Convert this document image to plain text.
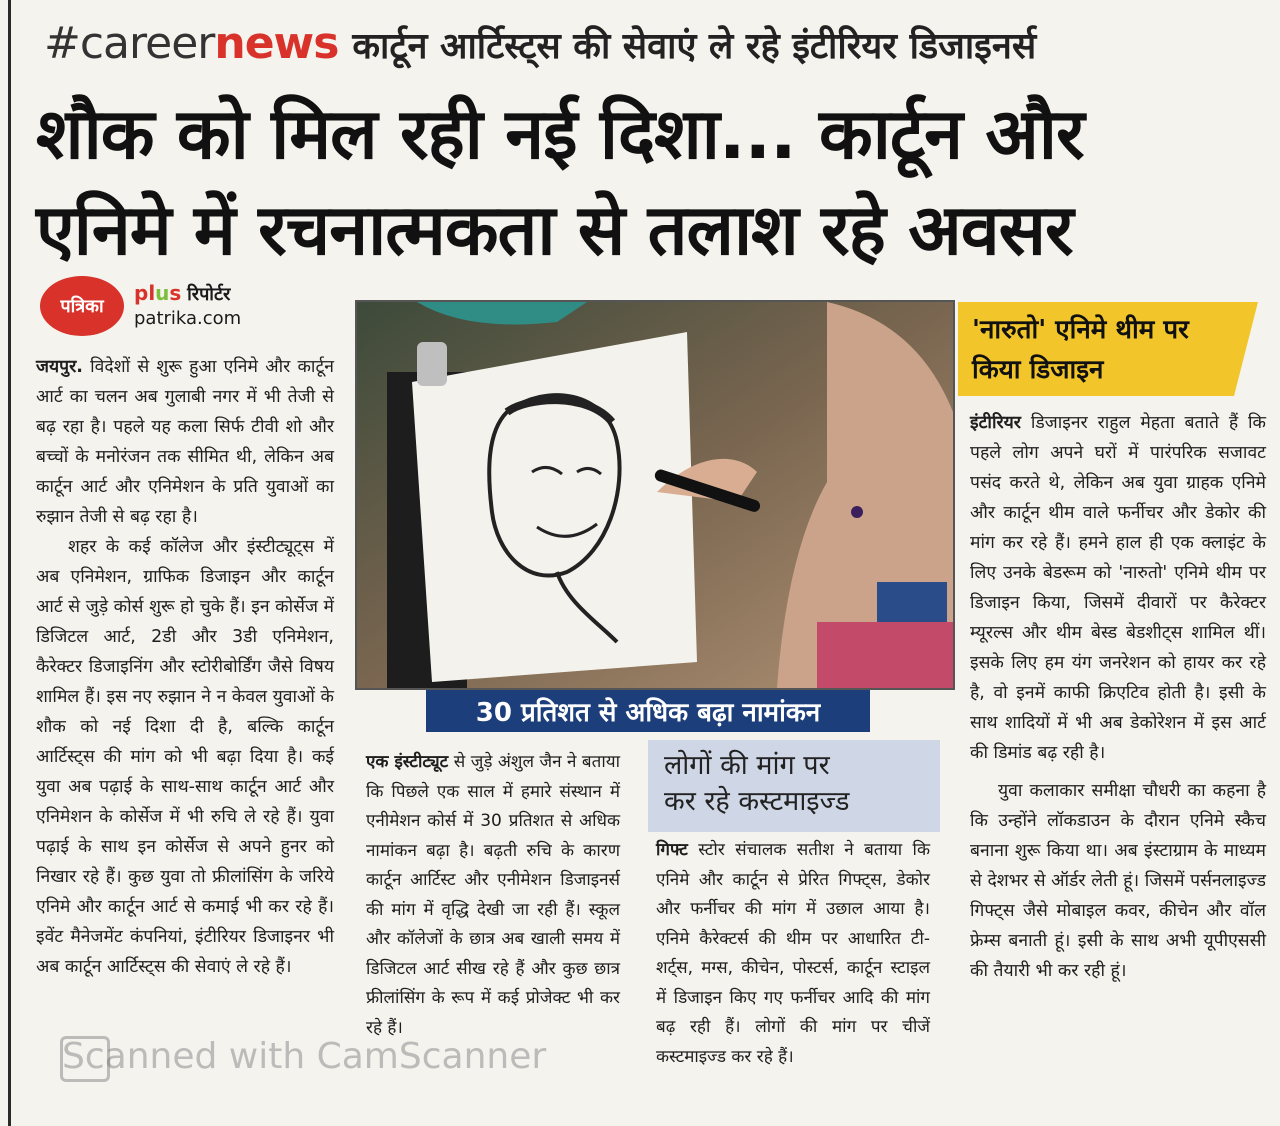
#careernews कार्टून आर्टिस्ट्स की सेवाएं ले रहे इंटीरियर डिजाइनर्स
शौक को मिल रही नई दिशा... कार्टून और
एनिमे में रचनात्मकता से तलाश रहे अवसर
पत्रिका
plus रिपोर्टर
patrika.com

जयपुर. विदेशों से शुरू हुआ एनिमे और कार्टून आर्ट का चलन अब गुलाबी नगर में भी तेजी से बढ़ रहा है। पहले यह कला सिर्फ टीवी शो और बच्चों के मनोरंजन तक सीमित थी, लेकिन अब कार्टून आर्ट और एनिमेशन के प्रति युवाओं का रुझान तेजी से बढ़ रहा है।

शहर के कई कॉलेज और इंस्टीट्यूट्स में अब एनिमेशन, ग्राफिक डिजाइन और कार्टून आर्ट से जुड़े कोर्स शुरू हो चुके हैं। इन कोर्सेज में डिजिटल आर्ट, 2डी और 3डी एनिमेशन, कैरेक्टर डिजाइनिंग और स्टोरीबोर्डिंग जैसे विषय शामिल हैं। इस नए रुझान ने न केवल युवाओं के शौक को नई दिशा दी है, बल्कि कार्टून आर्टिस्ट्स की मांग को भी बढ़ा दिया है। कई युवा अब पढ़ाई के साथ-साथ कार्टून आर्ट और एनिमेशन के कोर्सेज में भी रुचि ले रहे हैं। युवा पढ़ाई के साथ इन कोर्सेज से अपने हुनर को निखार रहे हैं। कुछ युवा तो फ्रीलांसिंग के जरिये एनिमे और कार्टून आर्ट से कमाई भी कर रहे हैं। इवेंट मैनेजमेंट कंपनियां, इंटीरियर डिजाइनर भी अब कार्टून आर्टिस्ट्स की सेवाएं ले रहे हैं।

30 प्रतिशत से अधिक बढ़ा नामांकन

एक इंस्टीट्यूट से जुड़े अंशुल जैन ने बताया कि पिछले एक साल में हमारे संस्थान में एनीमेशन कोर्स में 30 प्रतिशत से अधिक नामांकन बढ़ा है। बढ़ती रुचि के कारण कार्टून आर्टिस्ट और एनीमेशन डिजाइनर्स की मांग में वृद्धि देखी जा रही हैं। स्कूल और कॉलेजों के छात्र अब खाली समय में डिजिटल आर्ट सीख रहे हैं और कुछ छात्र फ्रीलांसिंग के रूप में कई प्रोजेक्ट भी कर रहे हैं।

लोगों की मांग पर
कर रहे कस्टमाइज्ड

गिफ्ट स्टोर संचालक सतीश ने बताया कि एनिमे और कार्टून से प्रेरित गिफ्ट्स, डेकोर और फर्नीचर की मांग में उछाल आया है। एनिमे कैरेक्टर्स की थीम पर आधारित टी-शर्ट्स, मग्स, कीचेन, पोस्टर्स, कार्टून स्टाइल में डिजाइन किए गए फर्नीचर आदि की मांग बढ़ रही हैं। लोगों की मांग पर चीजें कस्टमाइज्ड कर रहे हैं।

'नारुतो' एनिमे थीम पर
किया डिजाइन

इंटीरियर डिजाइनर राहुल मेहता बताते हैं कि पहले लोग अपने घरों में पारंपरिक सजावट पसंद करते थे, लेकिन अब युवा ग्राहक एनिमे और कार्टून थीम वाले फर्नीचर और डेकोर की मांग कर रहे हैं। हमने हाल ही एक क्लाइंट के लिए उनके बेडरूम को 'नारुतो' एनिमे थीम पर डिजाइन किया, जिसमें दीवारों पर कैरेक्टर म्यूरल्स और थीम बेस्ड बेडशीट्स शामिल थीं। इसके लिए हम यंग जनरेशन को हायर कर रहे है, वो इनमें काफी क्रिएटिव होती है। इसी के साथ शादियों में भी अब डेकोरेशन में इस आर्ट की डिमांड बढ़ रही है।

युवा कलाकार समीक्षा चौधरी का कहना है कि उन्होंने लॉकडाउन के दौरान एनिमे स्कैच बनाना शुरू किया था। अब इंस्टाग्राम के माध्यम से देशभर से ऑर्डर लेती हूं। जिसमें पर्सनलाइज्ड गिफ्ट्स जैसे मोबाइल कवर, कीचेन और वॉल फ्रेम्स बनाती हूं। इसी के साथ अभी यूपीएससी की तैयारी भी कर रही हूं।

Scanned with CamScanner
